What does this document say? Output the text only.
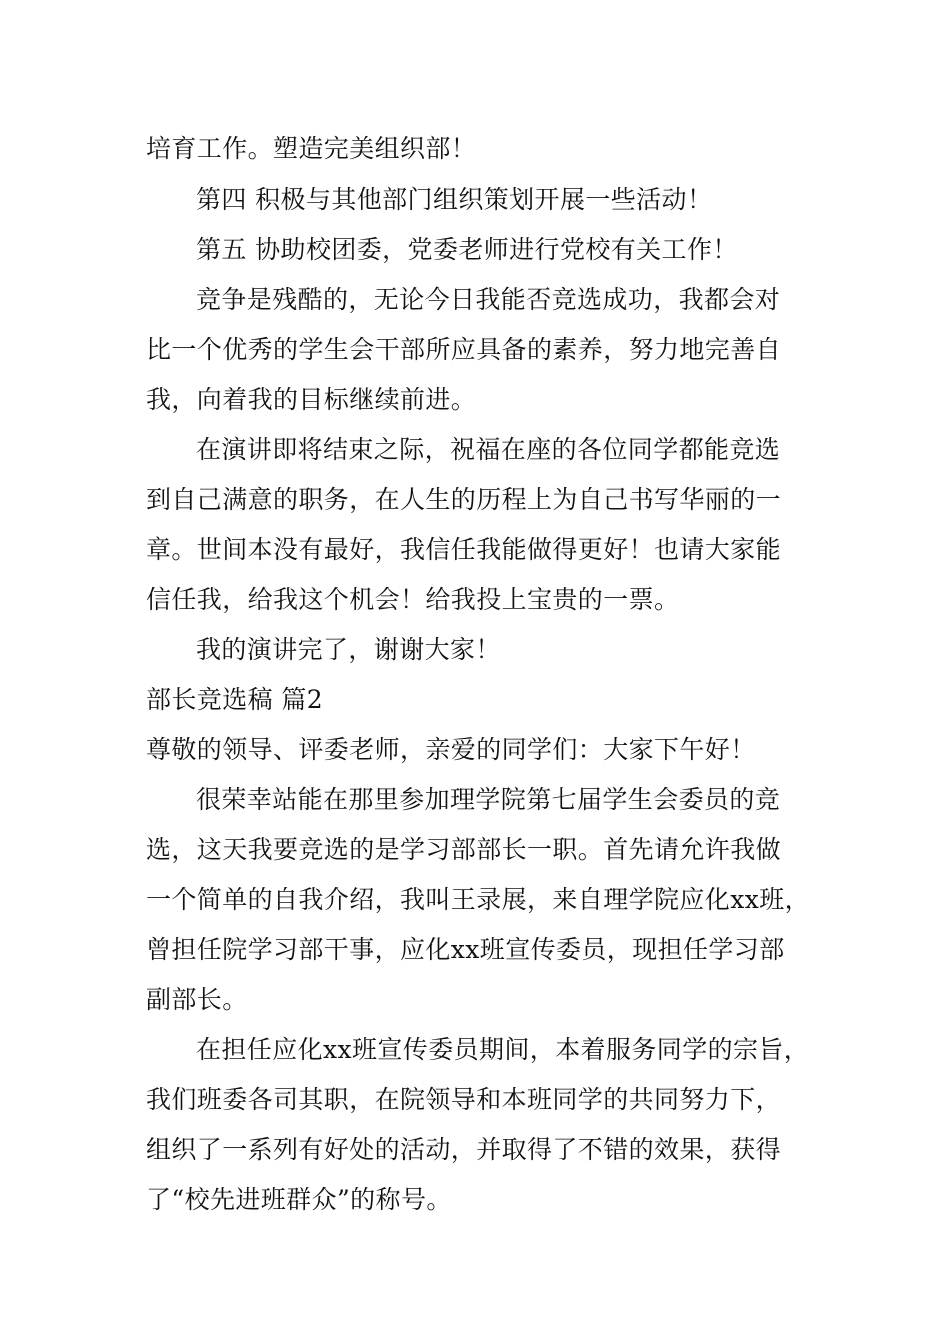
培育工作。塑造完美组织部！
第四 积极与其他部门组织策划开展一些活动！
第五 协助校团委，党委老师进行党校有关工作！
竞争是残酷的，无论今日我能否竞选成功，我都会对
比一个优秀的学生会干部所应具备的素养，努力地完善自
我，向着我的目标继续前进。
在演讲即将结束之际，祝福在座的各位同学都能竞选
到自己满意的职务，在人生的历程上为自己书写华丽的一
章。世间本没有最好，我信任我能做得更好！也请大家能
信任我，给我这个机会！给我投上宝贵的一票。
我的演讲完了，谢谢大家！
部长竞选稿 篇2
尊敬的领导、评委老师，亲爱的同学们：大家下午好！
很荣幸站能在那里参加理学院第七届学生会委员的竞
选，这天我要竞选的是学习部部长一职。首先请允许我做
一个简单的自我介绍，我叫王录展，来自理学院应化xx班，
曾担任院学习部干事，应化xx班宣传委员，现担任学习部
副部长。
在担任应化xx班宣传委员期间，本着服务同学的宗旨，
我们班委各司其职，在院领导和本班同学的共同努力下，
组织了一系列有好处的活动，并取得了不错的效果，获得
了“校先进班群众”的称号。
